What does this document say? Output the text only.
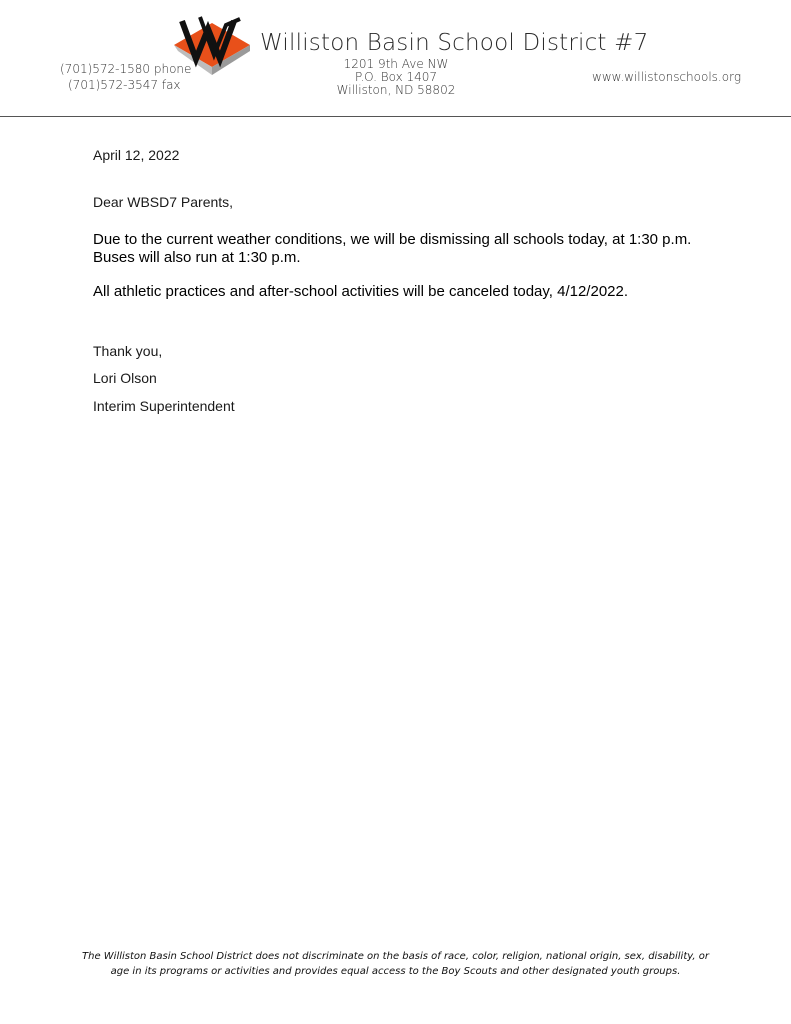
Williston Basin School District #7
(701)572-1580 phone
(701)572-3547 fax
1201 9th Ave NW
P.O. Box 1407
Williston, ND 58802
www.willistonschools.org
April 12, 2022
Dear WBSD7 Parents,
Due to the current weather conditions, we will be dismissing all schools today, at 1:30 p.m.
Buses will also run at 1:30 p.m.
All athletic practices and after-school activities will be canceled today, 4/12/2022.
Thank you,
Lori Olson
Interim Superintendent
The Williston Basin School District does not discriminate on the basis of race, color, religion, national origin, sex, disability, or
age in its programs or activities and provides equal access to the Boy Scouts and other designated youth groups.
